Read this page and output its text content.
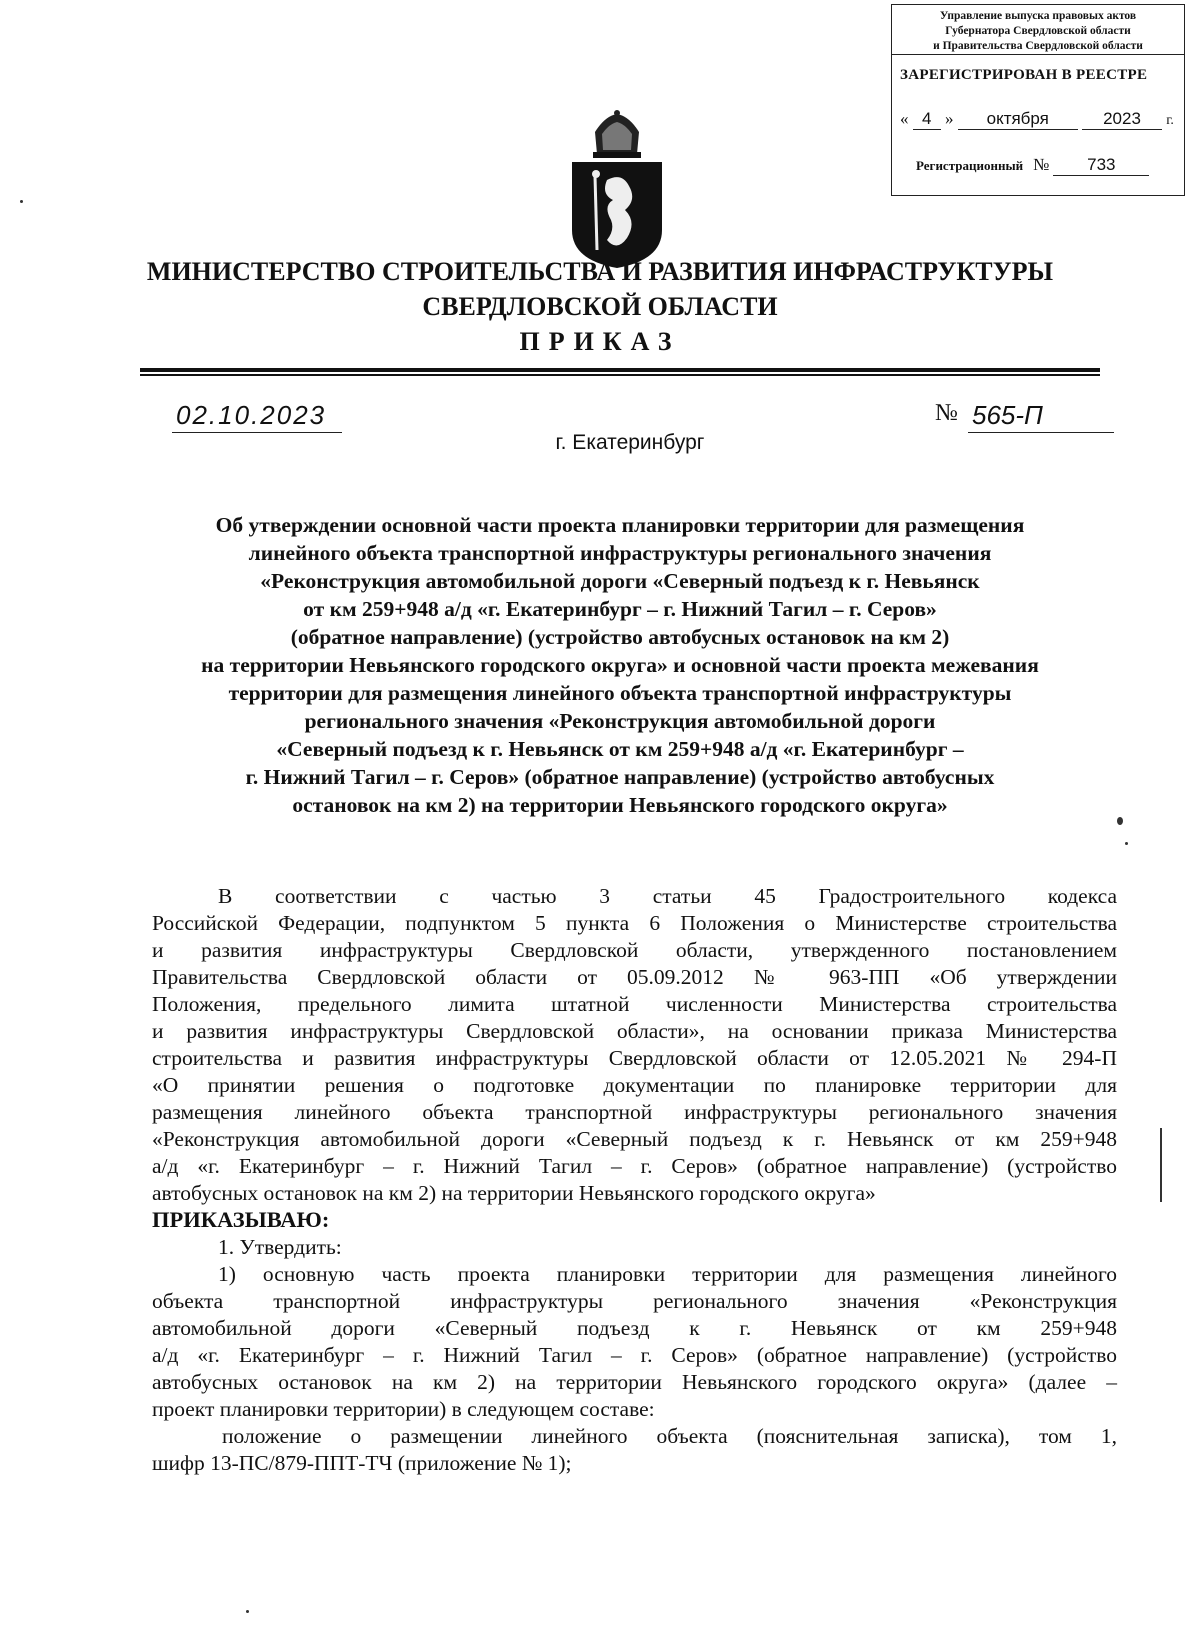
Управление выпуска правовых актов
Губернатора Свердловской области
и Правительства Свердловской области
ЗАРЕГИСТРИРОВАН В РЕЕСТРЕ
« 4 » октября	2023 г.
Регистрационный № 733
МИНИСТЕРСТВО СТРОИТЕЛЬСТВА И РАЗВИТИЯ ИНФРАСТРУКТУРЫ
СВЕРДЛОВСКОЙ ОБЛАСТИ
ПРИКАЗ
02.10.2023	№ 565-П
г. Екатеринбург
Об утверждении основной части проекта планировки территории для размещения
линейного объекта транспортной инфраструктуры регионального значения
«Реконструкция автомобильной дороги «Северный подъезд к г. Невьянск
от км 259+948 а/д «г. Екатеринбург – г. Нижний Тагил – г. Серов»
(обратное направление) (устройство автобусных остановок на км 2)
на территории Невьянского городского округа» и основной части проекта межевания
территории для размещения линейного объекта транспортной инфраструктуры
регионального значения «Реконструкция автомобильной дороги
«Северный подъезд к г. Невьянск от км 259+948 а/д «г. Екатеринбург –
г. Нижний Тагил – г. Серов» (обратное направление) (устройство автобусных
остановок на км 2) на территории Невьянского городского округа»
В соответствии с частью 3 статьи 45 Градостроительного кодекса
Российской Федерации, подпунктом 5 пункта 6 Положения о Министерстве строительства
и развития инфраструктуры Свердловской области, утвержденного постановлением
Правительства Свердловской области от 05.09.2012 № 963-ПП «Об утверждении
Положения, предельного лимита штатной численности Министерства строительства
и развития инфраструктуры Свердловской области», на основании приказа Министерства
строительства и развития инфраструктуры Свердловской области от 12.05.2021 № 294-П
«О принятии решения о подготовке документации по планировке территории для
размещения линейного объекта транспортной инфраструктуры регионального значения
«Реконструкция автомобильной дороги «Северный подъезд к г. Невьянск от км 259+948
а/д «г. Екатеринбург – г. Нижний Тагил – г. Серов» (обратное направление) (устройство
автобусных остановок на км 2) на территории Невьянского городского округа»
ПРИКАЗЫВАЮ:
1. Утвердить:
1) основную часть проекта планировки территории для размещения линейного
объекта транспортной инфраструктуры регионального значения «Реконструкция
автомобильной дороги «Северный подъезд к г. Невьянск от км 259+948
а/д «г. Екатеринбург – г. Нижний Тагил – г. Серов» (обратное направление) (устройство
автобусных остановок на км 2) на территории Невьянского городского округа» (далее –
проект планировки территории) в следующем составе:
положение о размещении линейного объекта (пояснительная записка), том 1,
шифр 13-ПС/879-ППТ-ТЧ (приложение № 1);
